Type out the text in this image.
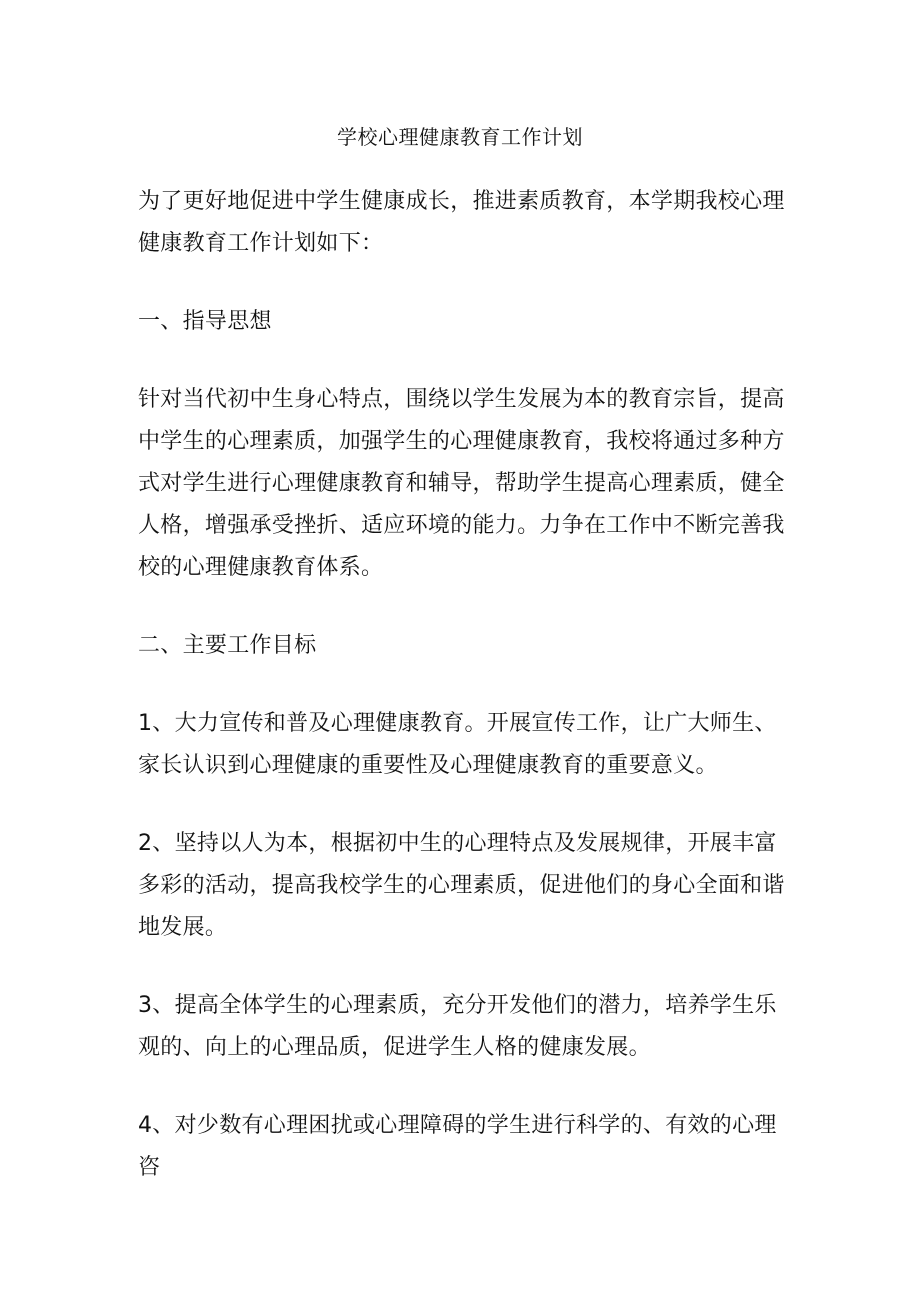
学校心理健康教育工作计划

为了更好地促进中学生健康成长，推进素质教育，本学期我校心理健康教育工作计划如下：

一、指导思想

针对当代初中生身心特点，围绕以学生发展为本的教育宗旨，提高中学生的心理素质，加强学生的心理健康教育，我校将通过多种方式对学生进行心理健康教育和辅导，帮助学生提高心理素质，健全人格，增强承受挫折、适应环境的能力。力争在工作中不断完善我校的心理健康教育体系。

二、主要工作目标

1、大力宣传和普及心理健康教育。开展宣传工作，让广大师生、家长认识到心理健康的重要性及心理健康教育的重要意义。

2、坚持以人为本，根据初中生的心理特点及发展规律，开展丰富多彩的活动，提高我校学生的心理素质，促进他们的身心全面和谐地发展。

3、提高全体学生的心理素质，充分开发他们的潜力，培养学生乐观的、向上的心理品质，促进学生人格的健康发展。

4、对少数有心理困扰或心理障碍的学生进行科学的、有效的心理咨
